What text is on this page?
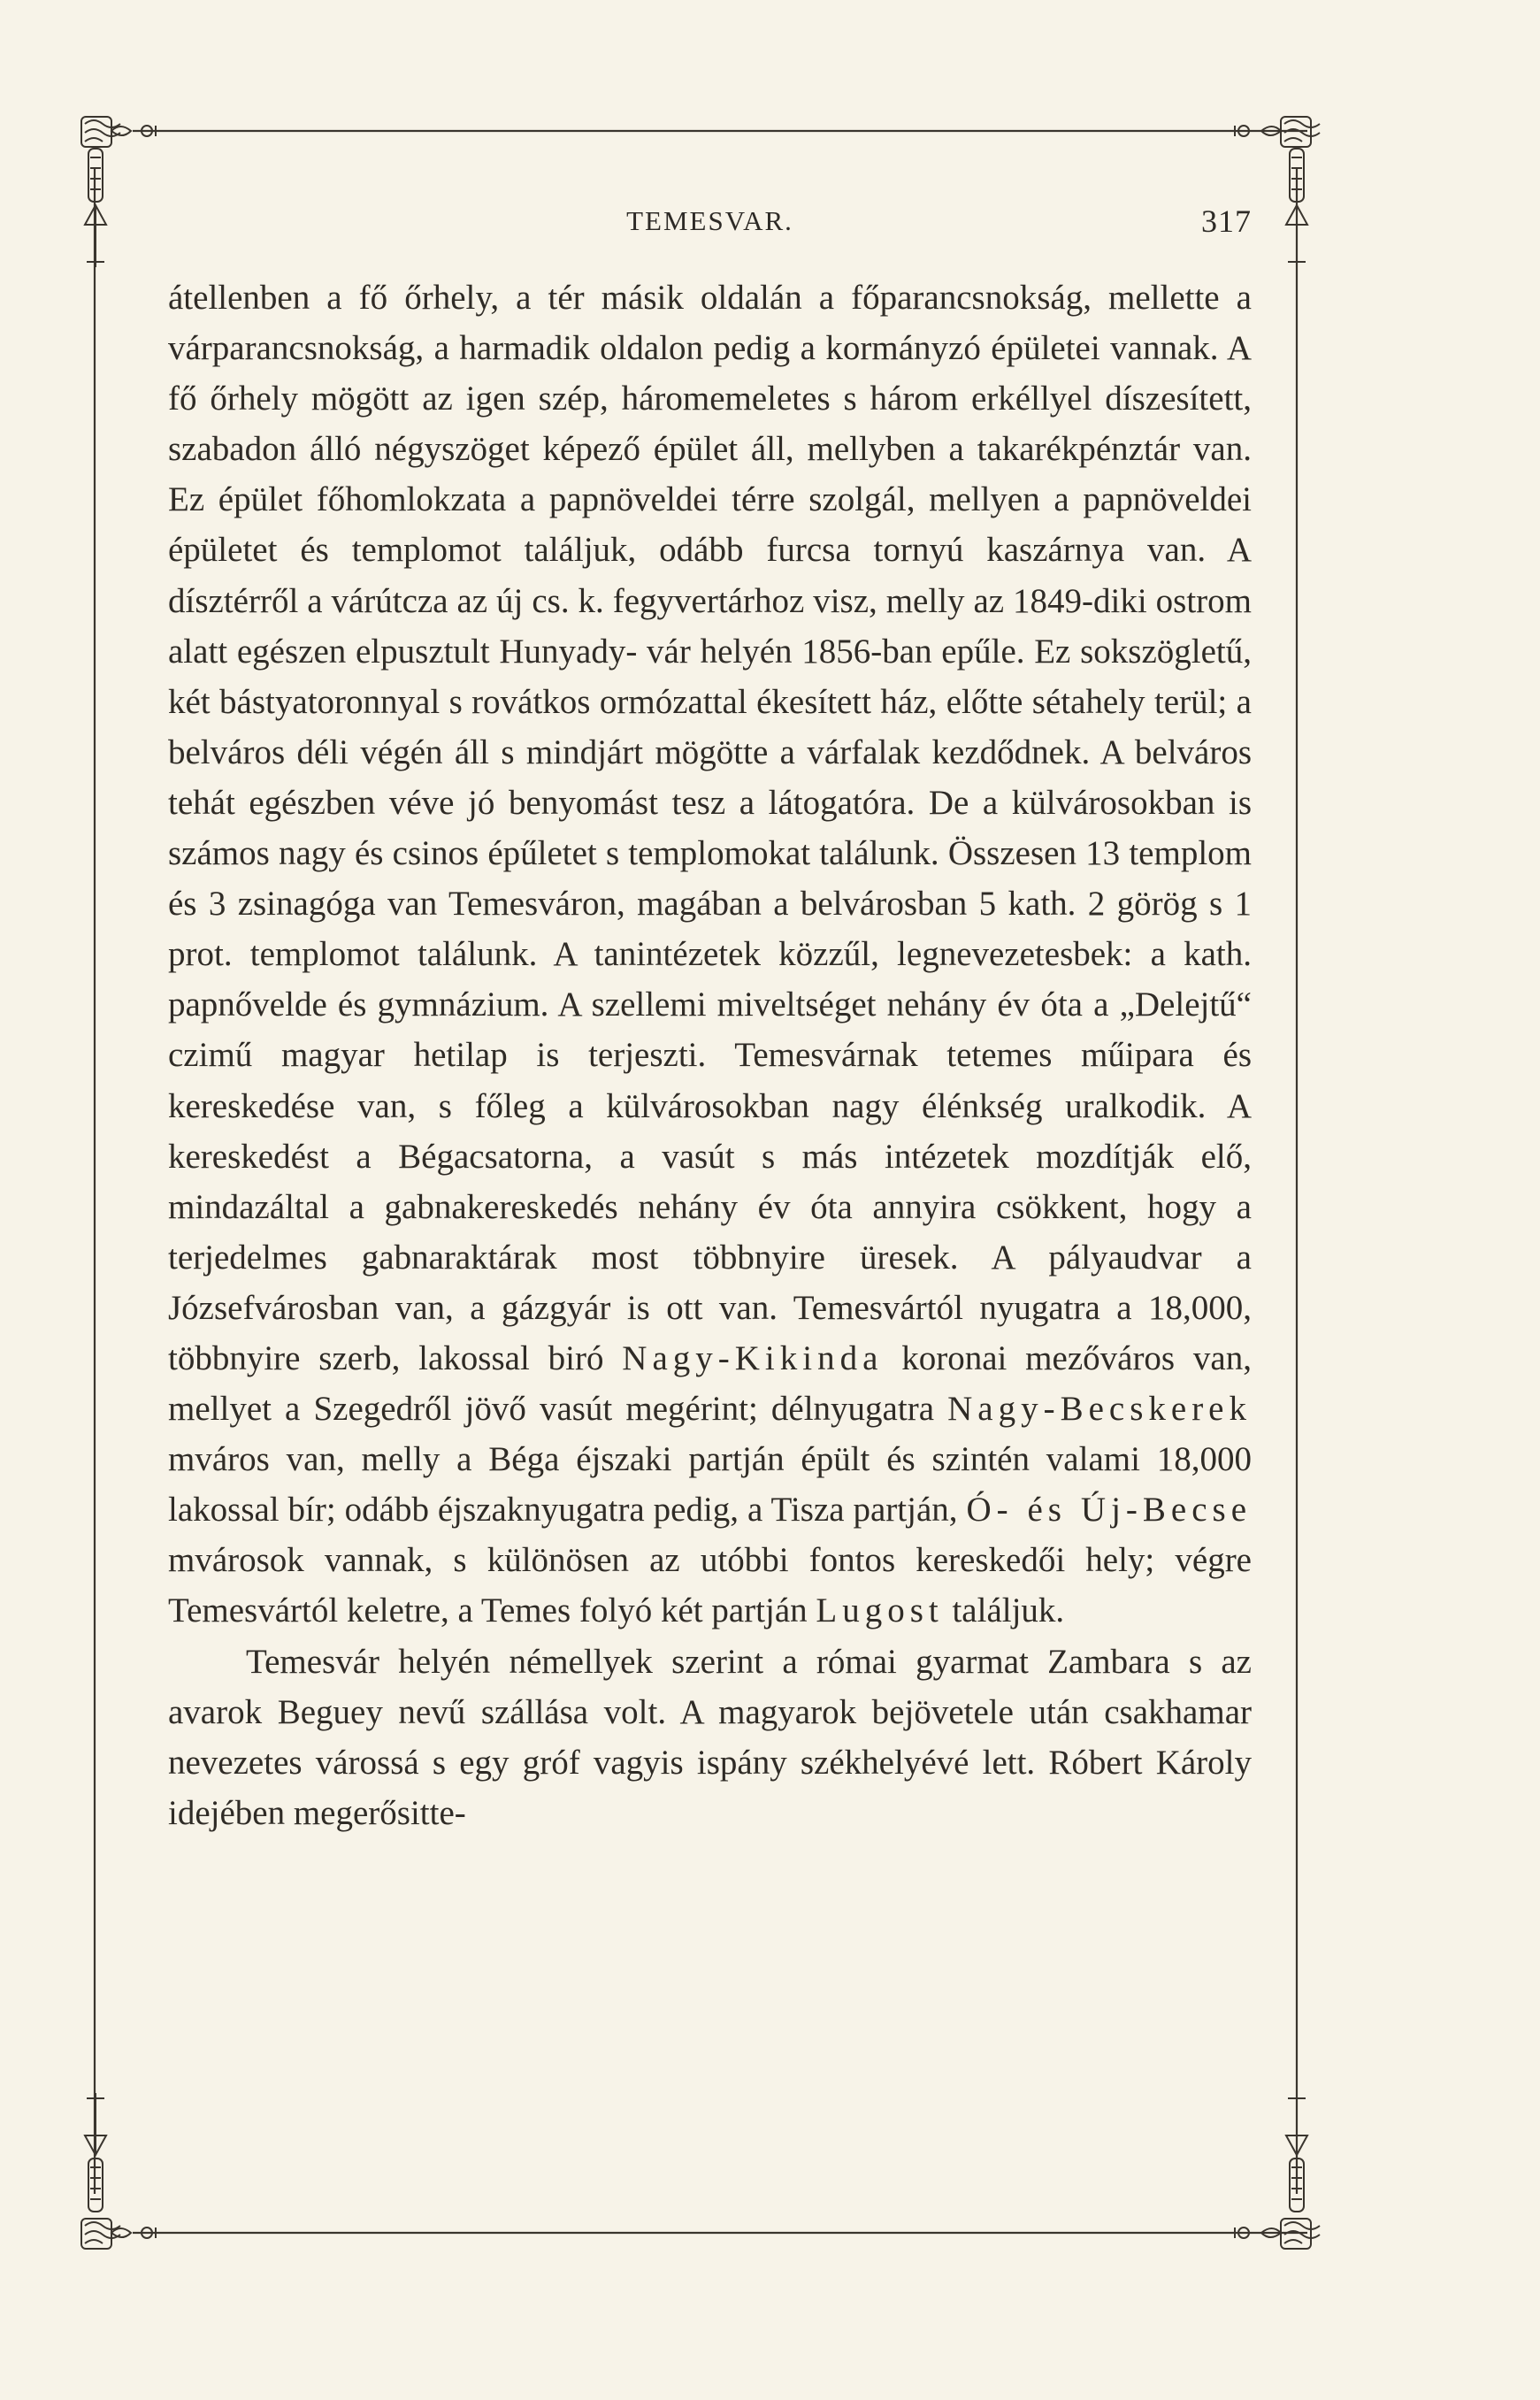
TEMESVAR.	317

átellenben a fő őrhely, a tér másik oldalán a főparancsnokság, mellette a várparancsnokság, a harmadik oldalon pedig a kormányzó épületei vannak. A fő őrhely mögött az igen szép, háromemeletes s három erkéllyel díszesített, szabadon álló négyszöget képező épület áll, mellyben a takarékpénztár van. Ez épület főhomlokzata a papnöveldei térre szolgál, mellyen a papnöveldei épületet és templomot találjuk, odább furcsa tornyú kaszárnya van. A dísztérről a várútcza az új cs. k. fegyvertárhoz visz, melly az 1849-diki ostrom alatt egészen elpusztult Hunyady- vár helyén 1856-ban epűle. Ez sokszögletű, két bástyatoronnyal s rovátkos ormózattal ékesített ház, előtte sétahely terül; a belváros déli végén áll s mindjárt mögötte a várfalak kezdődnek. A belváros tehát egészben véve jó benyomást tesz a látogatóra. De a külvárosokban is számos nagy és csinos épűletet s templomokat találunk. Összesen 13 templom és 3 zsinagóga van Temesváron, magában a belvárosban 5 kath. 2 görög s 1 prot. templomot találunk. A tanintézetek közzűl, legnevezetesbek: a kath. papnővelde és gymnázium. A szellemi miveltséget nehány év óta a „Delejtű“ czimű magyar hetilap is terjeszti. Temesvárnak tetemes műipara és kereskedése van, s főleg a külvárosokban nagy élénkség uralkodik. A kereskedést a Bégacsatorna, a vasút s más intézetek mozdítják elő, mindazáltal a gabnakereskedés nehány év óta annyira csökkent, hogy a terjedelmes gabnaraktárak most többnyire üresek. A pályaudvar a Józsefvárosban van, a gázgyár is ott van. Temesvártól nyugatra a 18,000, többnyire szerb, lakossal biró Nagy-Kikinda koronai mezőváros van, mellyet a Szegedről jövő vasút megérint; délnyugatra Nagy-Becskerek mváros van, melly a Béga éjszaki partján épült és szintén valami 18,000 lakossal bír; odább éjszaknyugatra pedig, a Tisza partján, Ó- és Új-Becse mvárosok vannak, s különösen az utóbbi fontos kereskedői hely; végre Temesvártól keletre, a Temes folyó két partján Lugost találjuk.

Temesvár helyén némellyek szerint a római gyarmat Zambara s az avarok Beguey nevű szállása volt. A magyarok bejövetele után csakhamar nevezetes várossá s egy gróf vagyis ispány székhelyévé lett. Róbert Károly idejében megerősitte-
